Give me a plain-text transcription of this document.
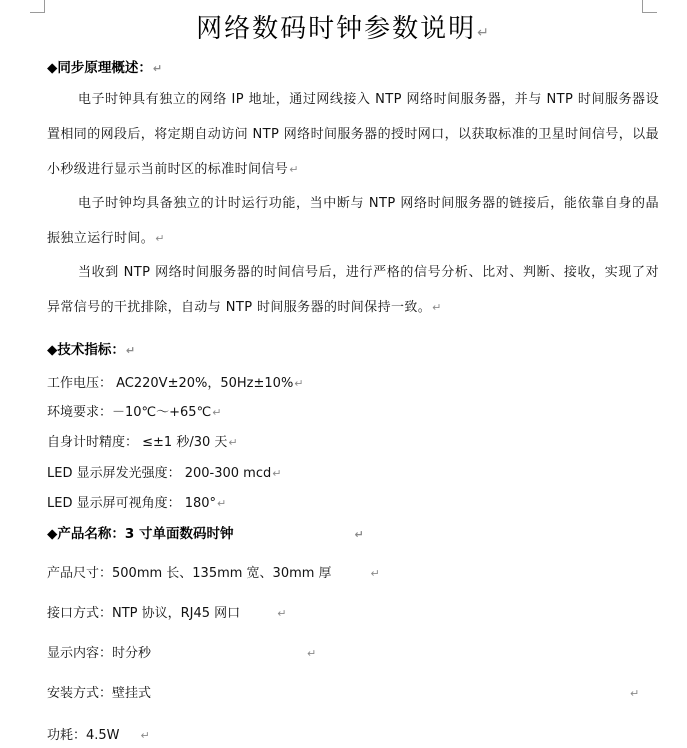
网络数码时钟参数说明↵
◆同步原理概述：↵
电子时钟具有独立的网络 IP 地址，通过网线接入 NTP 网络时间服务器，并与 NTP 时间服务器设置相同的网段后，将定期自动访问 NTP 网络时间服务器的授时网口，以获取标准的卫星时间信号，以最小秒级进行显示当前时区的标准时间信号↵
电子时钟均具备独立的计时运行功能，当中断与 NTP 网络时间服务器的链接后，能依靠自身的晶振独立运行时间。↵
当收到 NTP 网络时间服务器的时间信号后，进行严格的信号分析、比对、判断、接收，实现了对异常信号的干扰排除，自动与 NTP 时间服务器的时间保持一致。↵
◆技术指标：↵
工作电压： AC220V±20%，50Hz±10%↵
环境要求：－10℃～+65℃↵
自身计时精度： ≤±1 秒/30 天↵
LED 显示屏发光强度： 200-300 mcd↵
LED 显示屏可视角度： 180°↵
◆产品名称：3 寸单面数码时钟	↵
产品尺寸：500mm 长、135mm 宽、30mm 厚	↵
接口方式：NTP 协议，RJ45 网口	↵
显示内容：时分秒	↵
安装方式：壁挂式	↵
功耗：4.5W ↵
